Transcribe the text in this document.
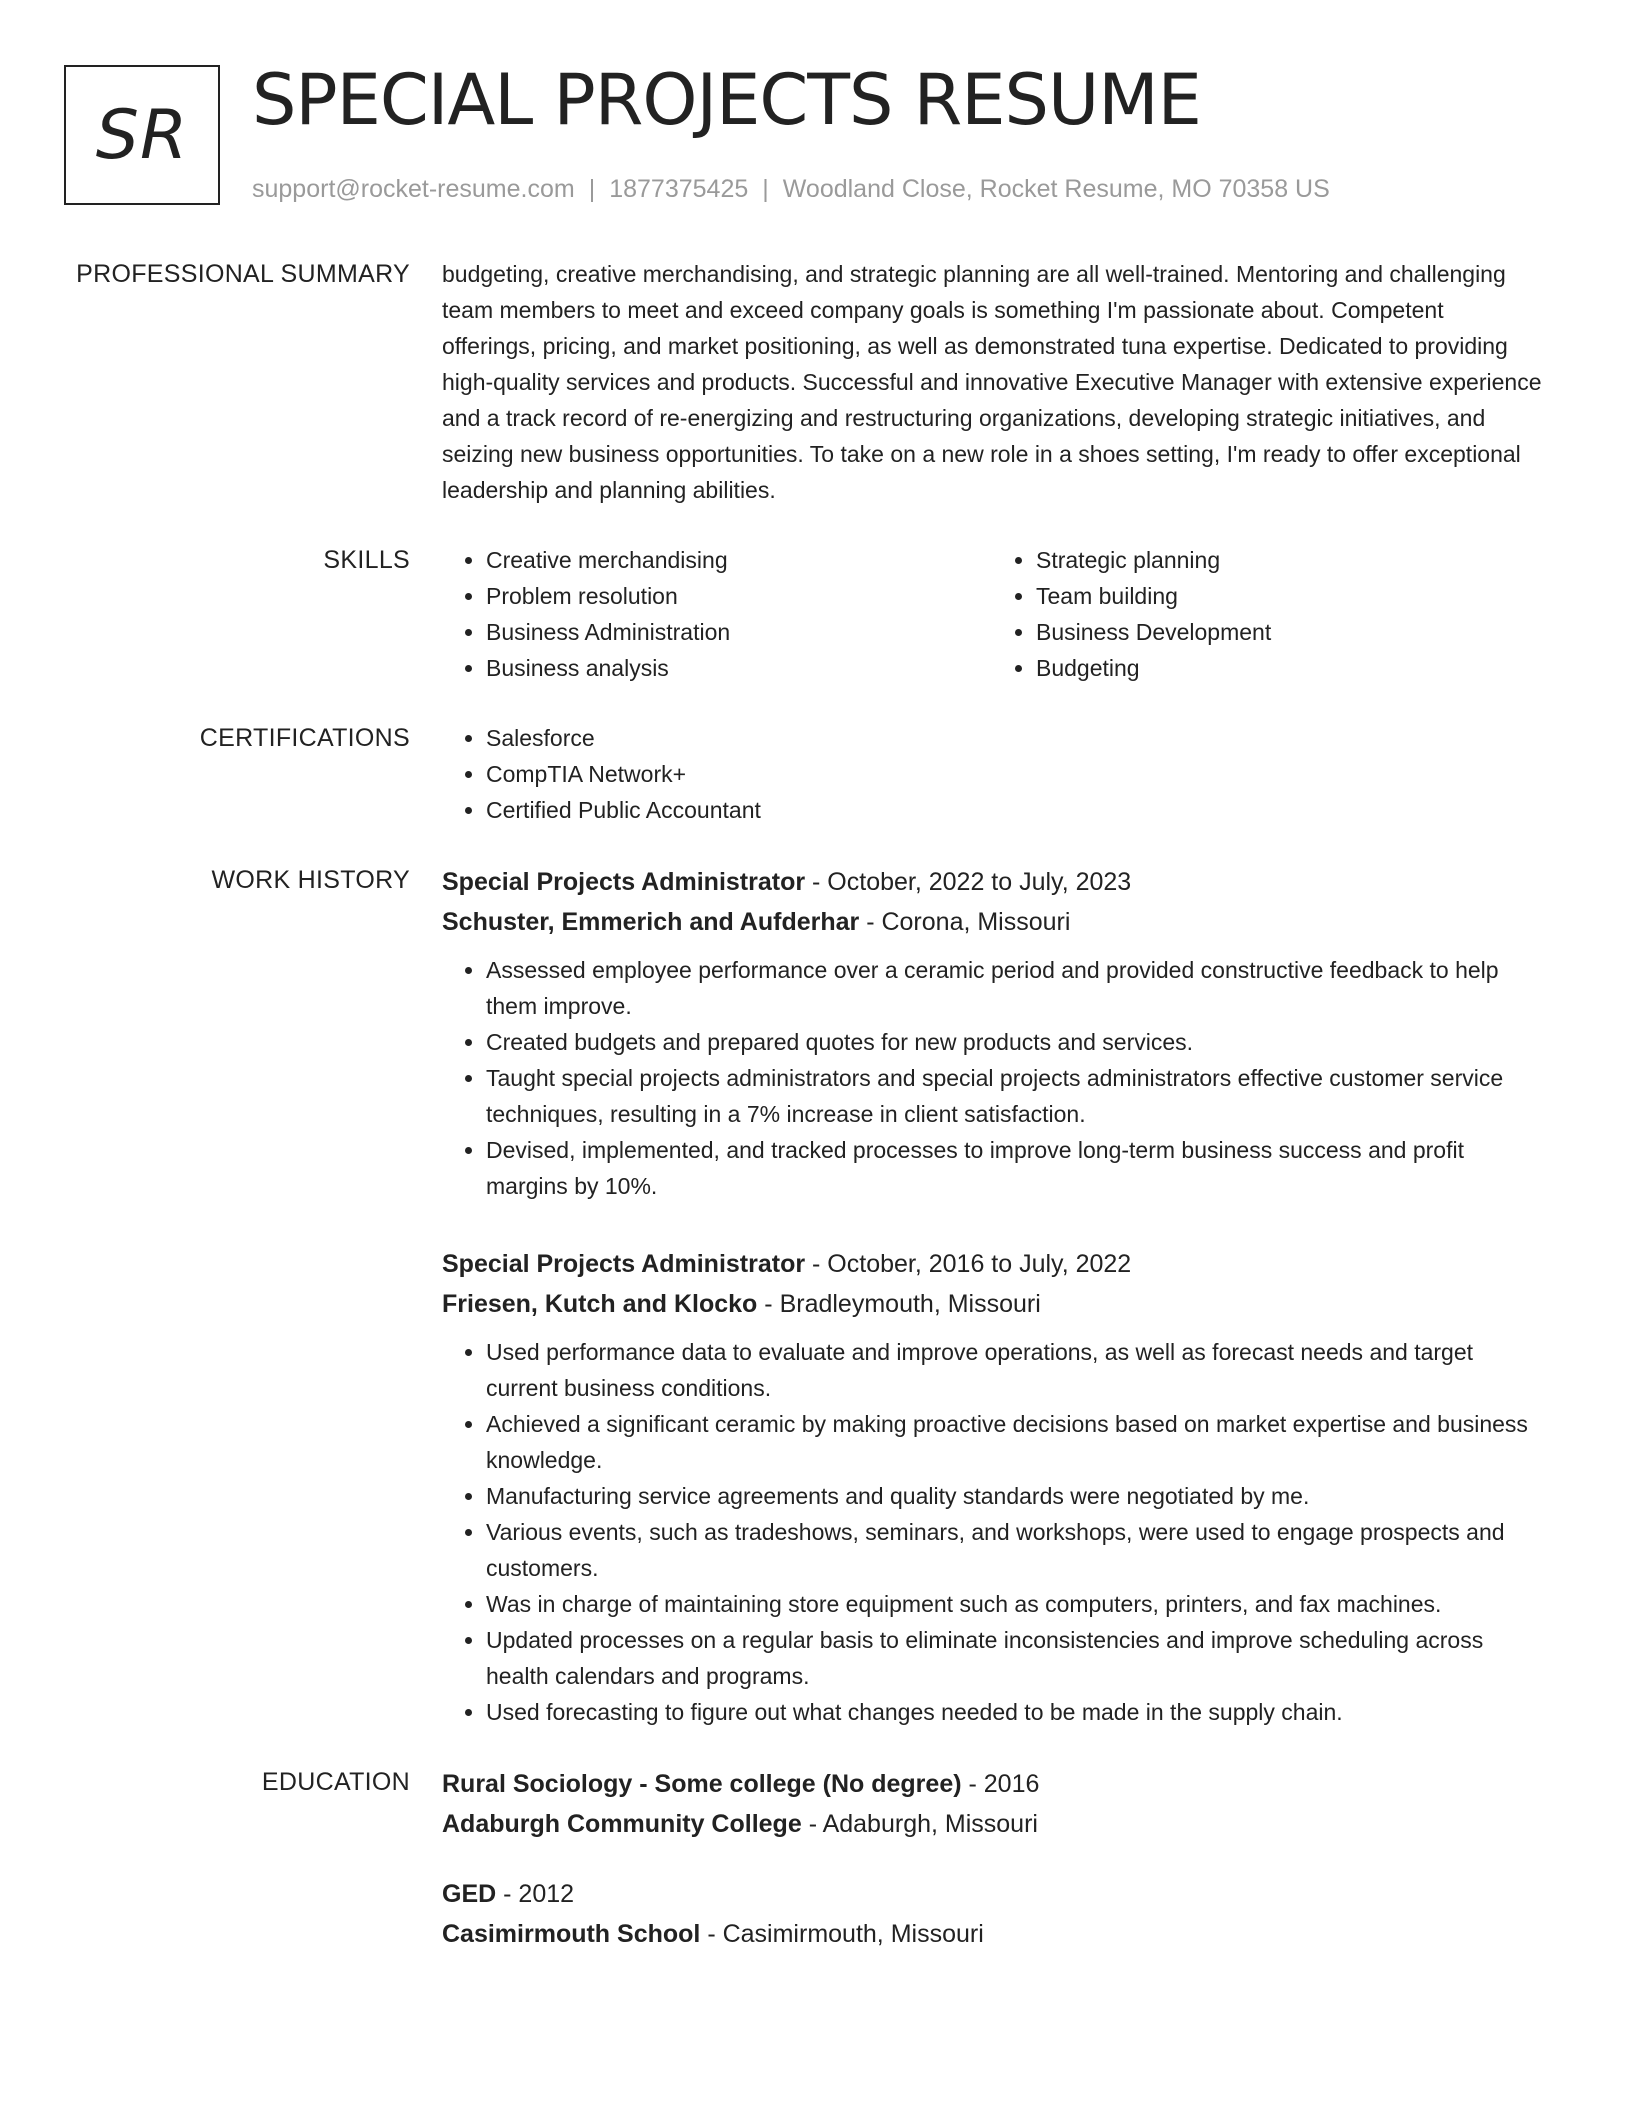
SR SPECIAL PROJECTS RESUME
support@rocket-resume.com | 1877375425 | Woodland Close, Rocket Resume, MO 70358 US
PROFESSIONAL SUMMARY budgeting, creative merchandising, and strategic planning are all well-trained. Mentoring and challenging team members to meet and exceed company goals is something I'm passionate about. Competent offerings, pricing, and market positioning, as well as demonstrated tuna expertise. Dedicated to providing high-quality services and products. Successful and innovative Executive Manager with extensive experience and a track record of re-energizing and restructuring organizations, developing strategic initiatives, and seizing new business opportunities. To take on a new role in a shoes setting, I'm ready to offer exceptional leadership and planning abilities.

SKILLS	• Creative merchandising
• Problem resolution
• Business Administration
• Business analysis
• Strategic planning
• Team building
• Business Development
• Budgeting
CERTIFICATIONS	• Salesforce
• CompTIA Network+
• Certified Public Accountant
WORK HISTORY Special Projects Administrator - October, 2022 to July, 2023
Schuster, Emmerich and Aufderhar - Corona, Missouri
• Assessed employee performance over a ceramic period and provided constructive feedback to help them improve.
• Created budgets and prepared quotes for new products and services.
• Taught special projects administrators and special projects administrators effective customer service techniques, resulting in a 7% increase in client satisfaction.
• Devised, implemented, and tracked processes to improve long-term business success and profit margins by 10%.
Special Projects Administrator - October, 2016 to July, 2022
Friesen, Kutch and Klocko - Bradleymouth, Missouri
• Used performance data to evaluate and improve operations, as well as forecast needs and target current business conditions.
• Achieved a significant ceramic by making proactive decisions based on market expertise and business knowledge.
• Manufacturing service agreements and quality standards were negotiated by me.
• Various events, such as tradeshows, seminars, and workshops, were used to engage prospects and customers.
• Was in charge of maintaining store equipment such as computers, printers, and fax machines.
• Updated processes on a regular basis to eliminate inconsistencies and improve scheduling across health calendars and programs.
• Used forecasting to figure out what changes needed to be made in the supply chain.
EDUCATION Rural Sociology - Some college (No degree) - 2016
Adaburgh Community College - Adaburgh, Missouri
GED - 2012
Casimirmouth School - Casimirmouth, Missouri
